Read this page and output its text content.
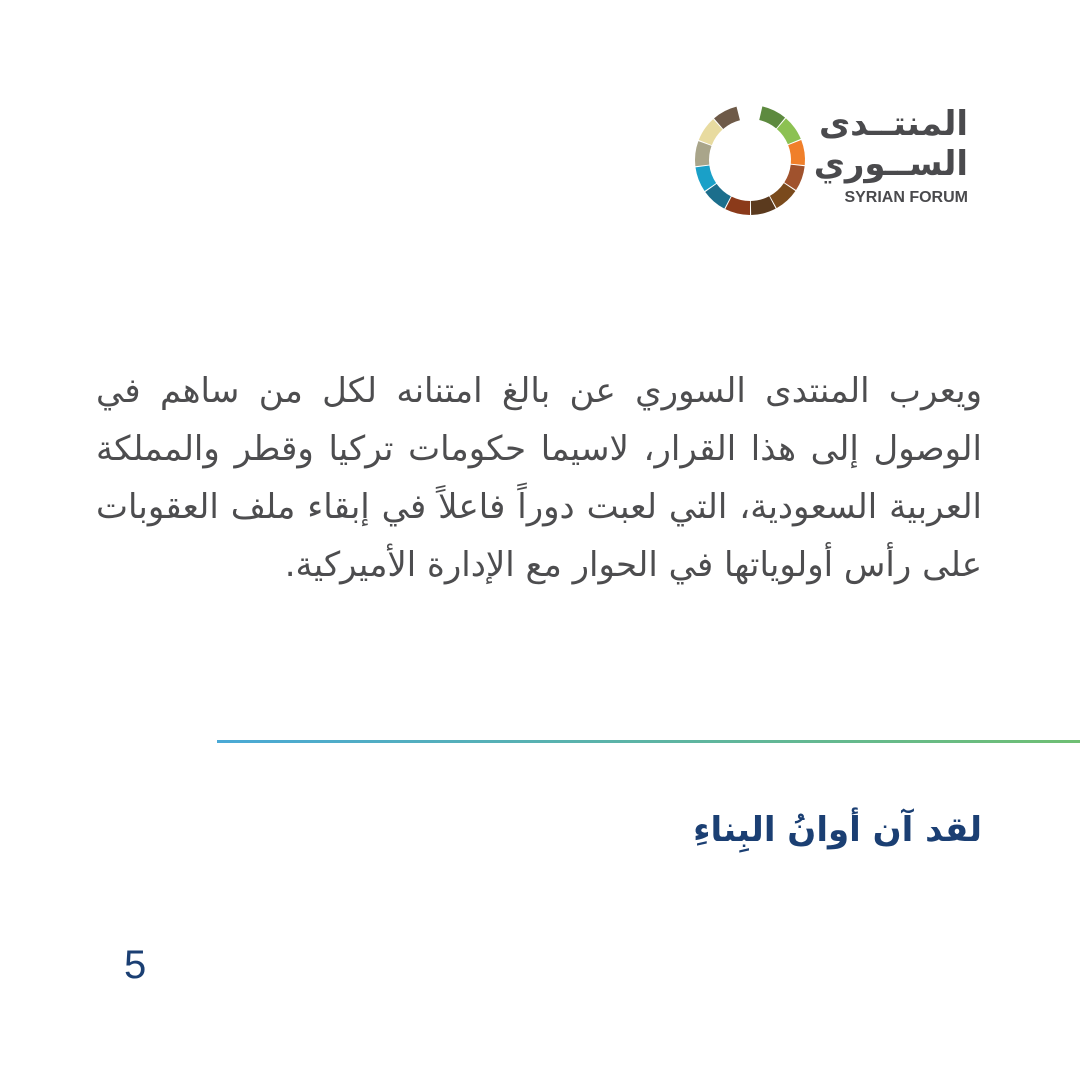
المنتــدى
الســوري
SYRIAN FORUM

ويعرب المنتدى السوري عن بالغ امتنانه لكل من ساهم في الوصول إلى هذا القرار، لاسيما حكومات تركيا وقطر والمملكة العربية السعودية، التي لعبت دوراً فاعلاً في إبقاء ملف العقوبات على رأس أولوياتها في الحوار مع الإدارة الأميركية.

لقد آن أوانُ البِناءِ
5
